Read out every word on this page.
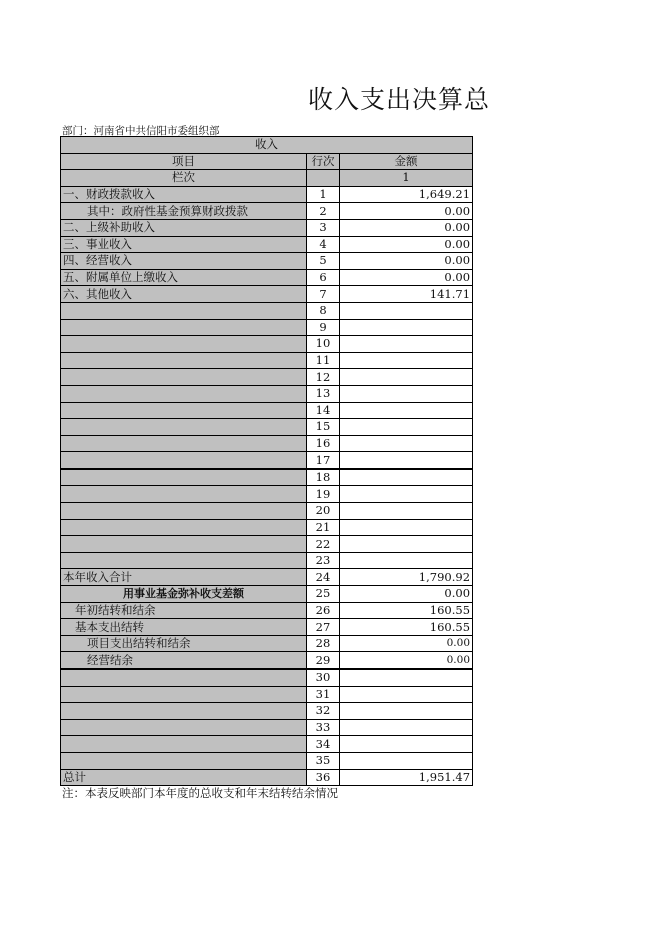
收入支出决算总
部门：河南省中共信阳市委组织部
收入		
项目	行次	金额
栏次		1
一、财政拨款收入	1	1,649.21
其中：政府性基金预算财政拨款	2	0.00
二、上级补助收入	3	0.00
三、事业收入	4	0.00
四、经营收入	5	0.00
五、附属单位上缴收入	6	0.00
六、其他收入	7	141.71
	8	
	9	
	10	
	11	
	12	
	13	
	14	
	15	
	16	
	17	
	18	
	19	
	20	
	21	
	22	
	23	
本年收入合计	24	1,790.92
用事业基金弥补收支差额	25	0.00
年初结转和结余	26	160.55
基本支出结转	27	160.55
项目支出结转和结余	28	0.00
经营结余	29	0.00
	30	
	31	
	32	
	33	
	34	
	35	
总计	36	1,951.47
注：本表反映部门本年度的总收支和年末结转结余情况
